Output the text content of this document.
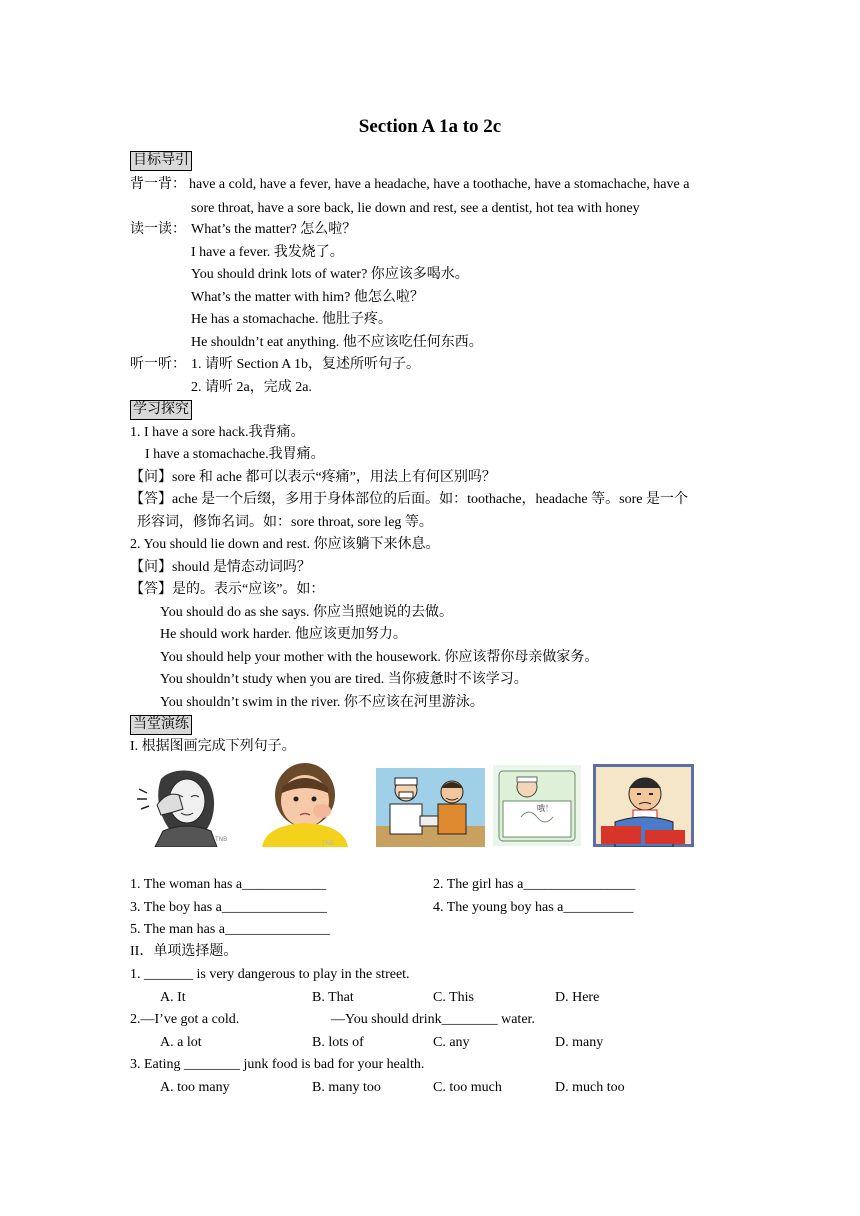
Section A 1a to 2c
目标导引
背一背： have a cold, have a fever, have a headache, have a toothache, have a stomachache, have a
sore throat, have a sore back, lie down and rest, see a dentist, hot tea with honey
读一读： What’s the matter? 怎么啦？
I have a fever. 我发烧了。
You should drink lots of water? 你应该多喝水。
What’s the matter with him? 他怎么啦？
He has a stomachache. 他肚子疼。
He shouldn’t eat anything. 他不应该吃任何东西。
听一听： 1. 请听 Section A 1b，复述所听句子。
2. 请听 2a，完成 2a.
学习探究
1. I have a sore hack.我背痛。
I have a stomachache.我胃痛。
【问】sore 和 ache 都可以表示“疼痛”，用法上有何区别吗？
【答】ache 是一个后缀，多用于身体部位的后面。如：toothache，headache 等。sore 是一个
形容词，修饰名词。如：sore throat, sore leg 等。
2. You should lie down and rest. 你应该躺下来休息。
【问】should 是情态动词吗？
【答】是的。表示“应该”。如：
You should do as she says. 你应当照她说的去做。
He should work harder. 他应该更加努力。
You should help your mother with the housework. 你应该帮你母亲做家务。
You shouldn’t study when you are tired. 当你疲惫时不该学习。
You shouldn’t swim in the river. 你不应该在河里游泳。
当堂演练
I. 根据图画完成下列句子。
TNB
TNB
哦！
1. The woman has a____________	2. The girl has a________________
3. The boy has a_______________	4. The young boy has a__________
5. The man has a_______________
II．单项选择题。
1. _______ is very dangerous to play in the street.
A. It	B. That	C. This	D. Here
2.—I’ve got a cold.	—You should drink________ water.
A. a lot	B. lots of	C. any	D. many
3. Eating ________ junk food is bad for your health.
A. too many	B. many too	C. too much	D. much too
